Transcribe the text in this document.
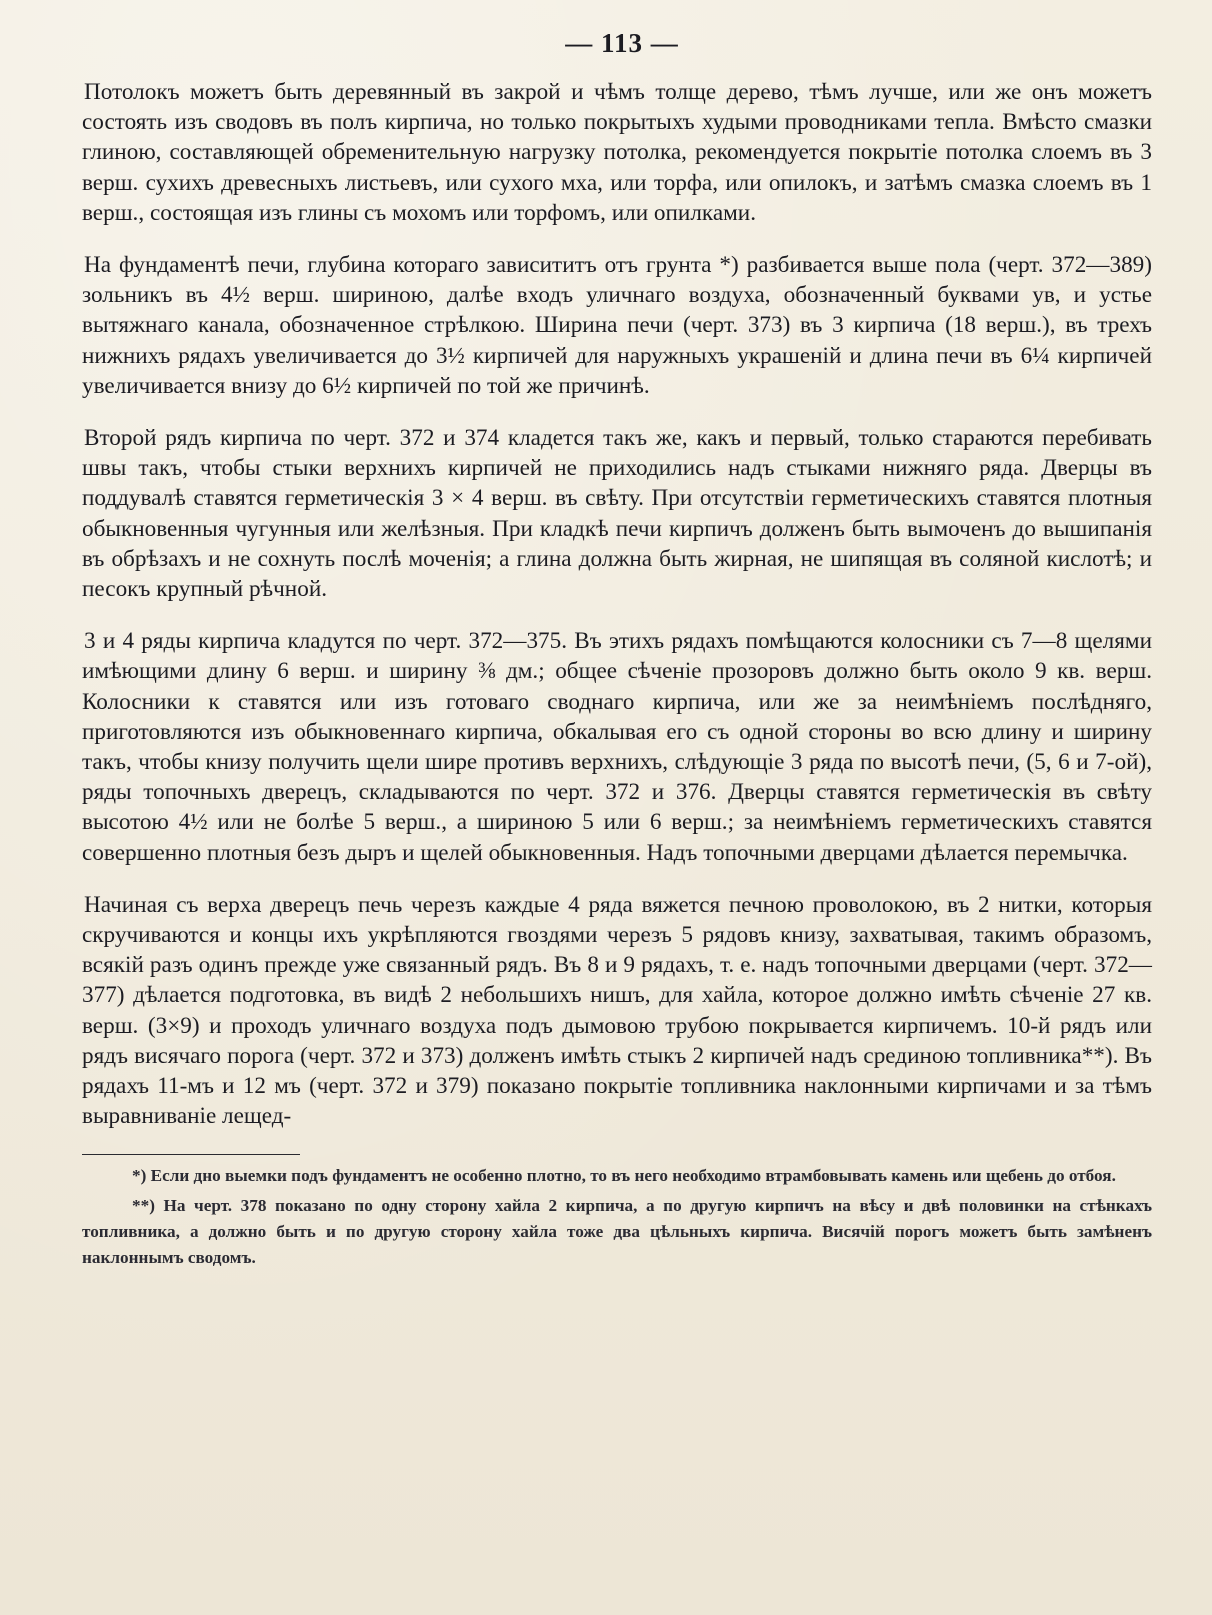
— 113 —
Потолокъ можетъ быть деревянный въ закрой и чѣмъ толще дерево, тѣмъ лучше, или же онъ можетъ состоять изъ сводовъ въ полъ кирпича, но только покрытыхъ худыми проводниками тепла. Вмѣсто смазки глиною, составляющей обременительную нагрузку потолка, рекомендуется покрытіе потолка слоемъ въ 3 верш. сухихъ древесныхъ листьевъ, или сухого мха, или торфа, или опилокъ, и затѣмъ смазка слоемъ въ 1 верш., состоящая изъ глины съ мохомъ или торфомъ, или опилками.
На фундаментѣ печи, глубина котораго зависититъ отъ грунта *) разбивается выше пола (черт. 372—389) зольникъ въ 4½ верш. шириною, далѣе входъ уличнаго воздуха, обозначенный буквами ув, и устье вытяжнаго канала, обозначенное стрѣлкою. Ширина печи (черт. 373) въ 3 кирпича (18 верш.), въ трехъ нижнихъ рядахъ увеличивается до 3½ кирпичей для наружныхъ украшеній и длина печи въ 6¼ кирпичей увеличивается внизу до 6½ кирпичей по той же причинѣ.
Второй рядъ кирпича по черт. 372 и 374 кладется такъ же, какъ и первый, только стараются перебивать швы такъ, чтобы стыки верхнихъ кирпичей не приходились надъ стыками нижняго ряда. Дверцы въ поддувалѣ ставятся герметическія 3 × 4 верш. въ свѣту. При отсутствіи герметическихъ ставятся плотныя обыкновенныя чугунныя или желѣзныя. При кладкѣ печи кирпичъ долженъ быть вымоченъ до вышипанія въ обрѣзахъ и не сохнуть послѣ моченія; а глина должна быть жирная, не шипящая въ соляной кислотѣ; и песокъ крупный рѣчной.
3 и 4 ряды кирпича кладутся по черт. 372—375. Въ этихъ рядахъ помѣщаются колосники съ 7—8 щелями имѣющими длину 6 верш. и ширину ⅜ дм.; общее сѣченіе прозоровъ должно быть около 9 кв. верш. Колосники к ставятся или изъ готоваго своднаго кирпича, или же за неимѣніемъ послѣдняго, приготовляются изъ обыкновеннаго кирпича, обкалывая его съ одной стороны во всю длину и ширину такъ, чтобы книзу получить щели шире противъ верхнихъ, слѣдующіе 3 ряда по высотѣ печи, (5, 6 и 7-ой), ряды топочныхъ дверецъ, складываются по черт. 372 и 376. Дверцы ставятся герметическія въ свѣту высотою 4½ или не болѣе 5 верш., а шириною 5 или 6 верш.; за неимѣніемъ герметическихъ ставятся совершенно плотныя безъ дыръ и щелей обыкновенныя. Надъ топочными дверцами дѣлается перемычка.
Начиная съ верха дверецъ печь черезъ каждые 4 ряда вяжется печною проволокою, въ 2 нитки, которыя скручиваются и концы ихъ укрѣпляются гвоздями черезъ 5 рядовъ книзу, захватывая, такимъ образомъ, всякій разъ одинъ прежде уже связанный рядъ. Въ 8 и 9 рядахъ, т. е. надъ топочными дверцами (черт. 372—377) дѣлается подготовка, въ видѣ 2 небольшихъ нишъ, для хайла, которое должно имѣть сѣченіе 27 кв. верш. (3×9) и проходъ уличнаго воздуха подъ дымовою трубою покрывается кирпичемъ. 10-й рядъ или рядъ висячаго порога (черт. 372 и 373) долженъ имѣть стыкъ 2 кирпичей надъ срединою топливника**). Въ рядахъ 11-мъ и 12 мъ (черт. 372 и 379) показано покрытіе топливника наклонными кирпичами и за тѣмъ выравниваніе лещед-
*) Если дно выемки подъ фундаментъ не особенно плотно, то въ него необходимо втрамбовывать камень или щебень до отбоя.
**) На черт. 378 показано по одну сторону хайла 2 кирпича, а по другую кирпичъ на вѣсу и двѣ половинки на стѣнкахъ топливника, а должно быть и по другую сторону хайла тоже два цѣльныхъ кирпича. Висячій порогъ можетъ быть замѣненъ наклоннымъ сводомъ.
